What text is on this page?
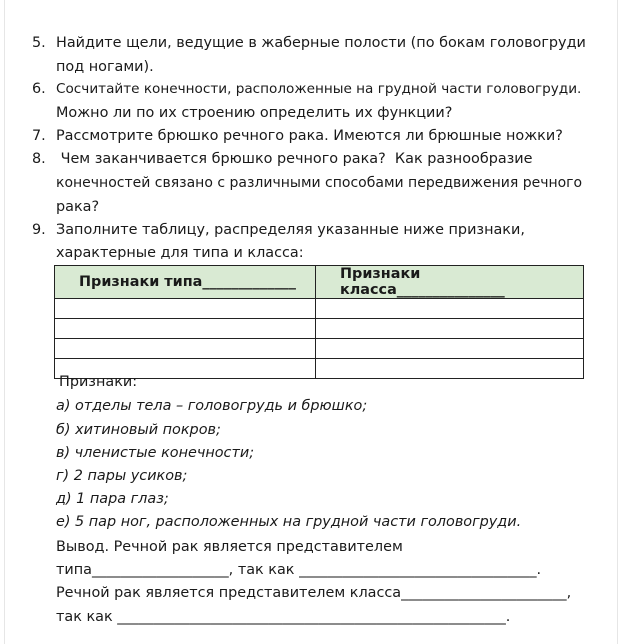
5. Найдите щели, ведущие в жаберные полости (по бокам головогруди
под ногами).
6. Сосчитайте конечности, расположенные на грудной части головогруди.
Можно ли по их строению определить их функции?
7. Рассмотрите брюшко речного рака. Имеются ли брюшные ножки?
8. Чем заканчивается брюшко речного рака?  Как разнообразие
конечностей связано с различными способами передвижения речного
рака?
9. Заполните таблицу, распределяя указанные ниже признаки,
характерные для типа и класса:
Признаки типа_____________	Признаки класса_______________

Признаки:
а) отделы тела – головогрудь и брюшко;
б) хитиновый покров;
в) членистые конечности;
г) 2 пары усиков;
д) 1 пара глаз;
е) 5 пар ног, расположенных на грудной части головогруди.
Вывод. Речной рак является представителем
типа___________________, так как _________________________________.
Речной рак является представителем класса_______________________,
так как ______________________________________________________.
